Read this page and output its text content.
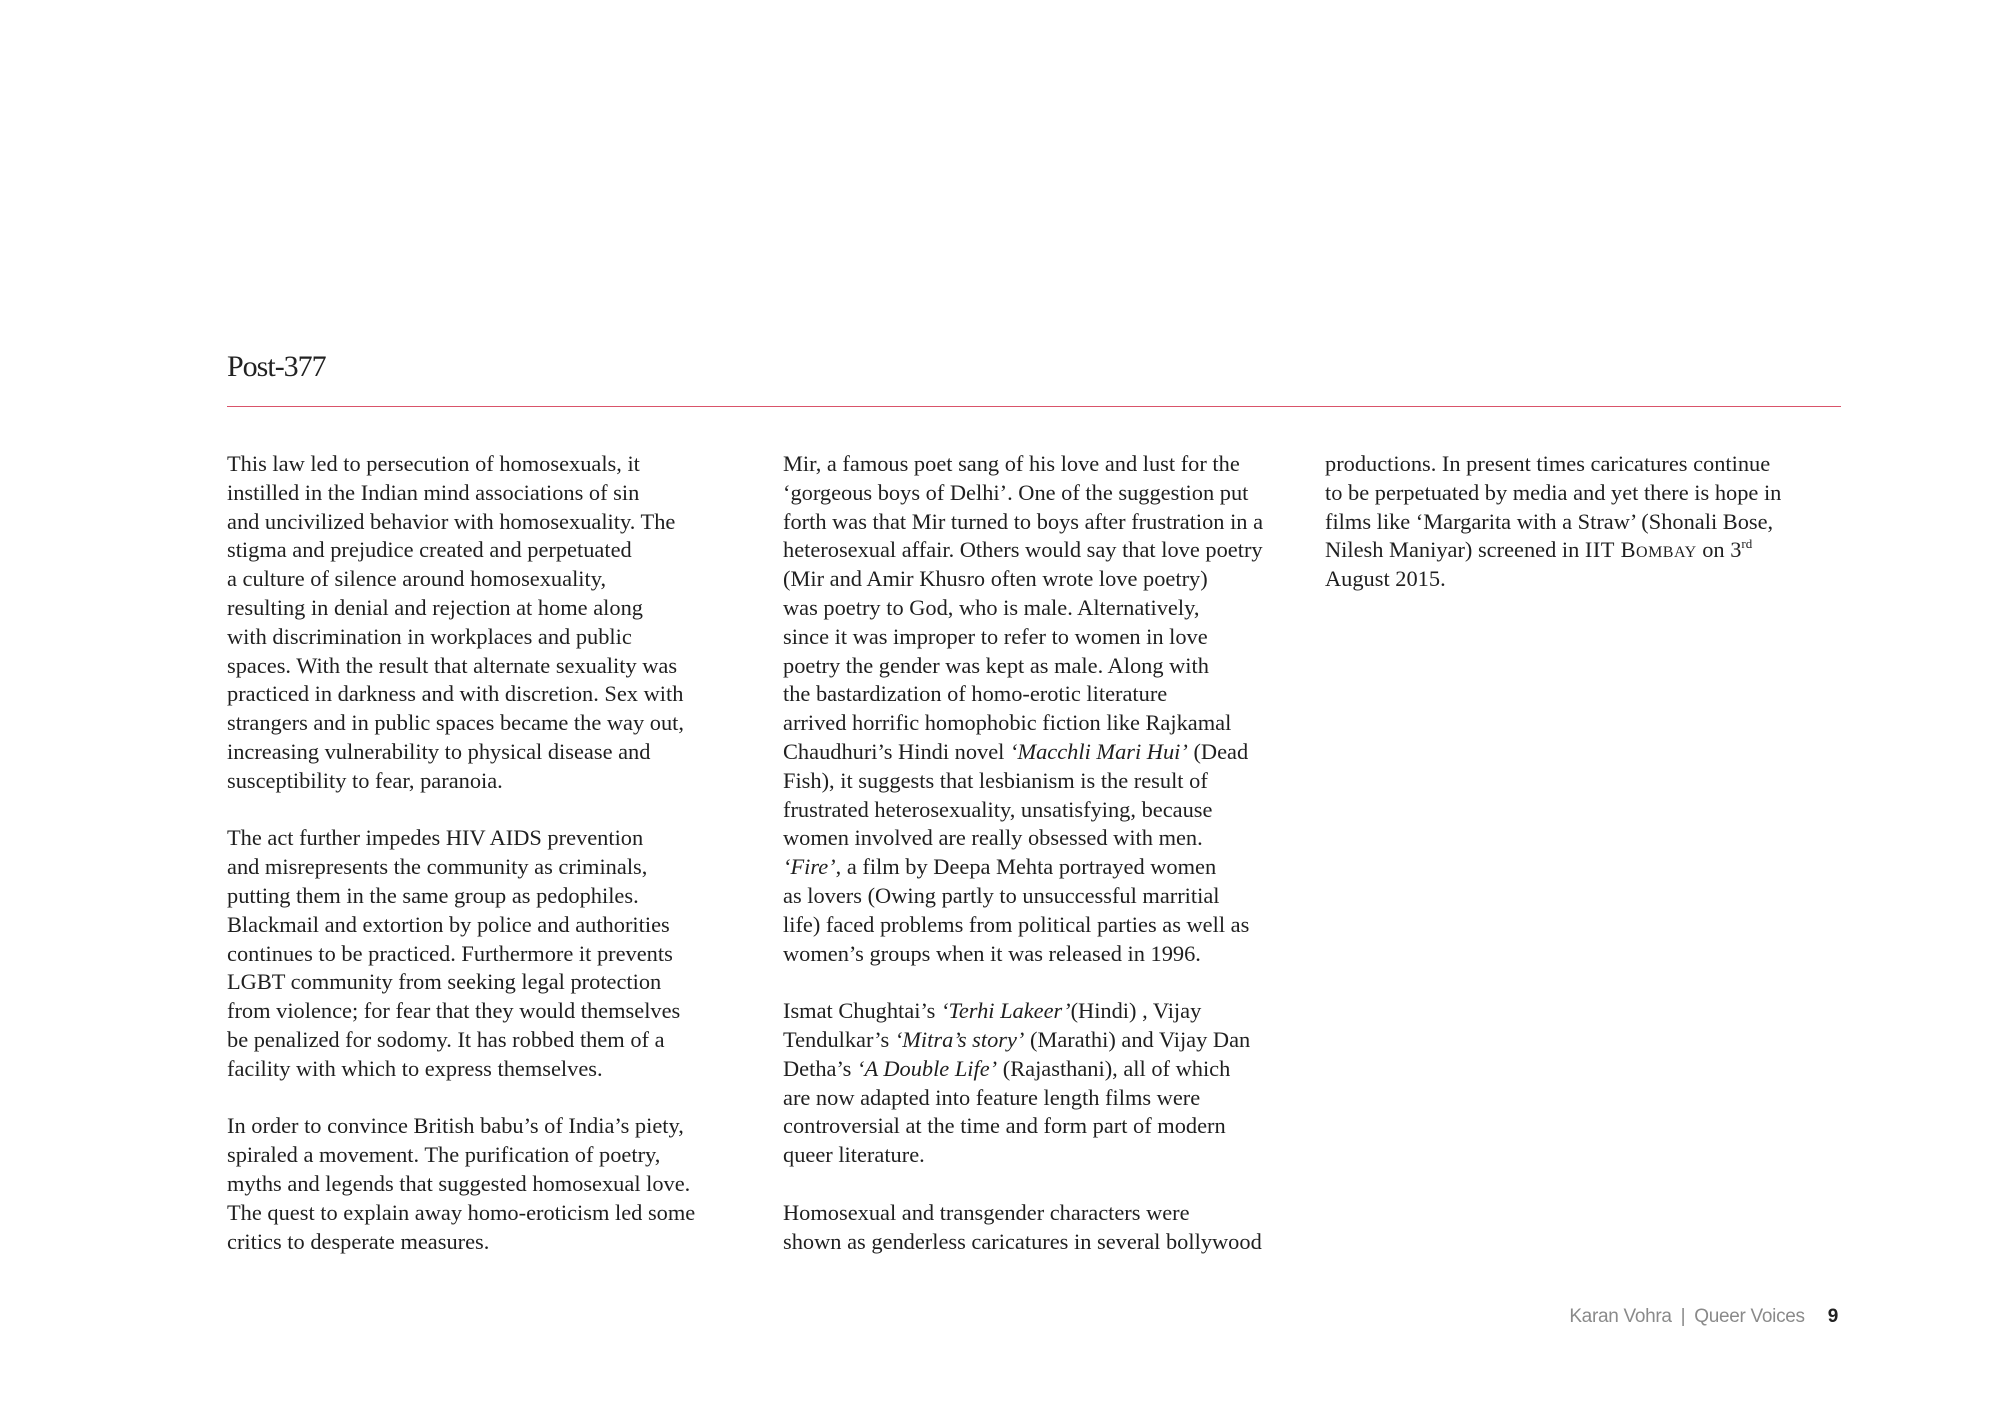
Post-377

This law led to persecution of homosexuals, it
instilled in the Indian mind associations of sin
and uncivilized behavior with homosexuality. The
stigma and prejudice created and perpetuated
a culture of silence around homosexuality,
resulting in denial and rejection at home along
with discrimination in workplaces and public
spaces. With the result that alternate sexuality was
practiced in darkness and with discretion. Sex with
strangers and in public spaces became the way out,
increasing vulnerability to physical disease and
susceptibility to fear, paranoia.

The act further impedes HIV AIDS prevention
and misrepresents the community as criminals,
putting them in the same group as pedophiles.
Blackmail and extortion by police and authorities
continues to be practiced. Furthermore it prevents
LGBT community from seeking legal protection
from violence; for fear that they would themselves
be penalized for sodomy. It has robbed them of a
facility with which to express themselves.

In order to convince British babu’s of India’s piety,
spiraled a movement. The purification of poetry,
myths and legends that suggested homosexual love.
The quest to explain away homo-eroticism led some
critics to desperate measures.

Mir, a famous poet sang of his love and lust for the
‘gorgeous boys of Delhi’. One of the suggestion put
forth was that Mir turned to boys after frustration in a
heterosexual affair. Others would say that love poetry
(Mir and Amir Khusro often wrote love poetry)
was poetry to God, who is male. Alternatively,
since it was improper to refer to women in love
poetry the gender was kept as male. Along with
the bastardization of homo-erotic literature
arrived horrific homophobic fiction like Rajkamal
Chaudhuri’s Hindi novel ‘Macchli Mari Hui’ (Dead
Fish), it suggests that lesbianism is the result of
frustrated heterosexuality, unsatisfying, because
women involved are really obsessed with men.
‘Fire’, a film by Deepa Mehta portrayed women
as lovers (Owing partly to unsuccessful marritial
life) faced problems from political parties as well as
women’s groups when it was released in 1996.

Ismat Chughtai’s ‘Terhi Lakeer’(Hindi) , Vijay
Tendulkar’s ‘Mitra’s story’ (Marathi) and Vijay Dan
Detha’s ‘A Double Life’ (Rajasthani), all of which
are now adapted into feature length films were
controversial at the time and form part of modern
queer literature.

Homosexual and transgender characters were
shown as genderless caricatures in several bollywood

productions. In present times caricatures continue
to be perpetuated by media and yet there is hope in
films like ‘Margarita with a Straw’ (Shonali Bose,
Nilesh Maniyar) screened in IIT Bombay on 3rd
August 2015.

Karan Vohra | Queer Voices 9
